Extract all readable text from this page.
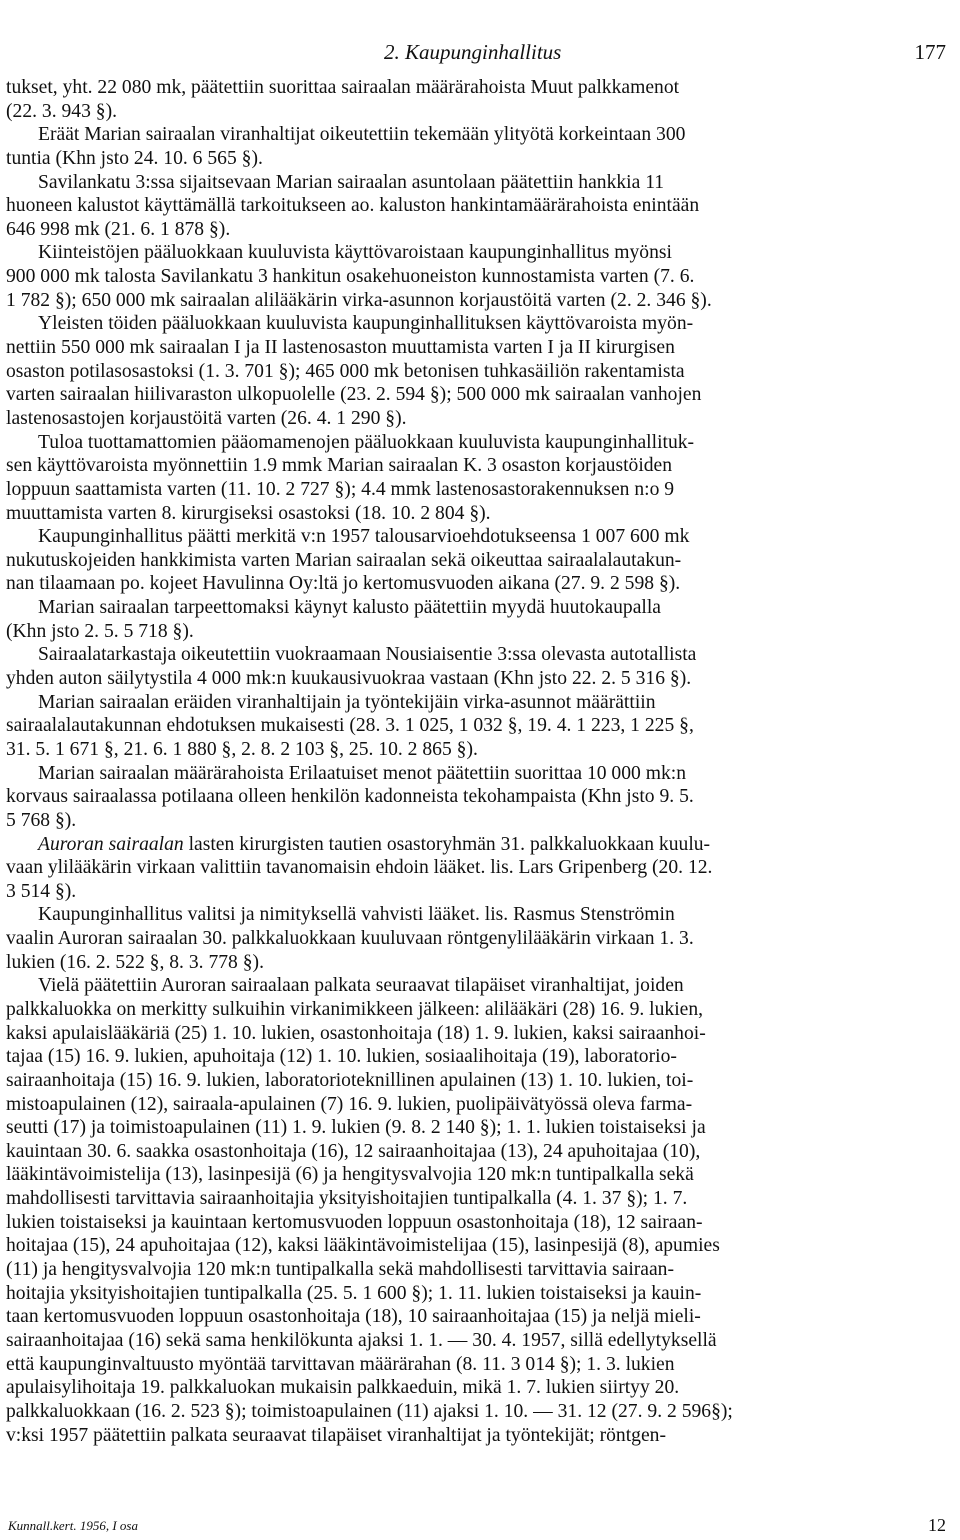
2. Kaupunginhallitus	177
tukset, yht. 22 080 mk, päätettiin suorittaa sairaalan määrärahoista Muut palkkamenot
(22. 3. 943 §).
Eräät Marian sairaalan viranhaltijat oikeutettiin tekemään ylityötä korkeintaan 300
tuntia (Khn jsto 24. 10. 6 565 §).
Savilankatu 3:ssa sijaitsevaan Marian sairaalan asuntolaan päätettiin hankkia 11
huoneen kalustot käyttämällä tarkoitukseen ao. kaluston hankintamäärärahoista enintään
646 998 mk (21. 6. 1 878 §).
Kiinteistöjen pääluokkaan kuuluvista käyttövaroistaan kaupunginhallitus myönsi
900 000 mk talosta Savilankatu 3 hankitun osakehuoneiston kunnostamista varten (7. 6.
1 782 §); 650 000 mk sairaalan alilääkärin virka-asunnon korjaustöitä varten (2. 2. 346 §).
Yleisten töiden pääluokkaan kuuluvista kaupunginhallituksen käyttövaroista myön-
nettiin 550 000 mk sairaalan I ja II lastenosaston muuttamista varten I ja II kirurgisen
osaston potilasosastoksi (1. 3. 701 §); 465 000 mk betonisen tuhkasäiliön rakentamista
varten sairaalan hiilivaraston ulkopuolelle (23. 2. 594 §); 500 000 mk sairaalan vanhojen
lastenosastojen korjaustöitä varten (26. 4. 1 290 §).
Tuloa tuottamattomien pääomamenojen pääluokkaan kuuluvista kaupunginhallituk-
sen käyttövaroista myönnettiin 1.9 mmk Marian sairaalan K. 3 osaston korjaustöiden
loppuun saattamista varten (11. 10. 2 727 §); 4.4 mmk lastenosastorakennuksen n:o 9
muuttamista varten 8. kirurgiseksi osastoksi (18. 10. 2 804 §).
Kaupunginhallitus päätti merkitä v:n 1957 talousarvioehdotukseensa 1 007 600 mk
nukutuskojeiden hankkimista varten Marian sairaalan sekä oikeuttaa sairaalalautakun-
nan tilaamaan po. kojeet Havulinna Oy:ltä jo kertomusvuoden aikana (27. 9. 2 598 §).
Marian sairaalan tarpeettomaksi käynyt kalusto päätettiin myydä huutokaupalla
(Khn jsto 2. 5. 5 718 §).
Sairaalatarkastaja oikeutettiin vuokraamaan Nousiaisentie 3:ssa olevasta autotallista
yhden auton säilytystila 4 000 mk:n kuukausivuokraa vastaan (Khn jsto 22. 2. 5 316 §).
Marian sairaalan eräiden viranhaltijain ja työntekijäin virka-asunnot määrättiin
sairaalalautakunnan ehdotuksen mukaisesti (28. 3. 1 025, 1 032 §, 19. 4. 1 223, 1 225 §,
31. 5. 1 671 §, 21. 6. 1 880 §, 2. 8. 2 103 §, 25. 10. 2 865 §).
Marian sairaalan määrärahoista Erilaatuiset menot päätettiin suorittaa 10 000 mk:n
korvaus sairaalassa potilaana olleen henkilön kadonneista tekohampaista (Khn jsto 9. 5.
5 768 §).
Auroran sairaalan lasten kirurgisten tautien osastoryhmän 31. palkkaluokkaan kuulu-
vaan ylilääkärin virkaan valittiin tavanomaisin ehdoin lääket. lis. Lars Gripenberg (20. 12.
3 514 §).
Kaupunginhallitus valitsi ja nimityksellä vahvisti lääket. lis. Rasmus Stenströmin
vaalin Auroran sairaalan 30. palkkaluokkaan kuuluvaan röntgenylilääkärin virkaan 1. 3.
lukien (16. 2. 522 §, 8. 3. 778 §).
Vielä päätettiin Auroran sairaalaan palkata seuraavat tilapäiset viranhaltijat, joiden
palkkaluokka on merkitty sulkuihin virkanimikkeen jälkeen: alilääkäri (28) 16. 9. lukien,
kaksi apulaislääkäriä (25) 1. 10. lukien, osastonhoitaja (18) 1. 9. lukien, kaksi sairaanhoi-
tajaa (15) 16. 9. lukien, apuhoitaja (12) 1. 10. lukien, sosiaalihoitaja (19), laboratorio-
sairaanhoitaja (15) 16. 9. lukien, laboratorioteknillinen apulainen (13) 1. 10. lukien, toi-
mistoapulainen (12), sairaala-apulainen (7) 16. 9. lukien, puolipäivätyössä oleva farma-
seutti (17) ja toimistoapulainen (11) 1. 9. lukien (9. 8. 2 140 §); 1. 1. lukien toistaiseksi ja
kauintaan 30. 6. saakka osastonhoitaja (16), 12 sairaanhoitajaa (13), 24 apuhoitajaa (10),
lääkintävoimistelija (13), lasinpesijä (6) ja hengitysvalvojia 120 mk:n tuntipalkalla sekä
mahdollisesti tarvittavia sairaanhoitajia yksityishoitajien tuntipalkalla (4. 1. 37 §); 1. 7.
lukien toistaiseksi ja kauintaan kertomusvuoden loppuun osastonhoitaja (18), 12 sairaan-
hoitajaa (15), 24 apuhoitajaa (12), kaksi lääkintävoimistelijaa (15), lasinpesijä (8), apumies
(11) ja hengitysvalvojia 120 mk:n tuntipalkalla sekä mahdollisesti tarvittavia sairaan-
hoitajia yksityishoitajien tuntipalkalla (25. 5. 1 600 §); 1. 11. lukien toistaiseksi ja kauin-
taan kertomusvuoden loppuun osastonhoitaja (18), 10 sairaanhoitajaa (15) ja neljä mieli-
sairaanhoitajaa (16) sekä sama henkilökunta ajaksi 1. 1. — 30. 4. 1957, sillä edellytyksellä
että kaupunginvaltuusto myöntää tarvittavan määrärahan (8. 11. 3 014 §); 1. 3. lukien
apulaisylihoitaja 19. palkkaluokan mukaisin palkkaeduin, mikä 1. 7. lukien siirtyy 20.
palkkaluokkaan (16. 2. 523 §); toimistoapulainen (11) ajaksi 1. 10. — 31. 12 (27. 9. 2 596§);
v:ksi 1957 päätettiin palkata seuraavat tilapäiset viranhaltijat ja työntekijät; röntgen-
Kunnall.kert. 1956, I osa	12
